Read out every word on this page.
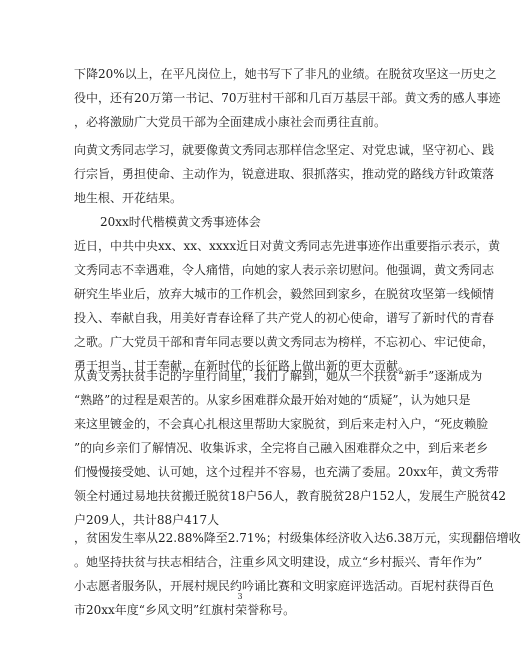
下降20%以上，在平凡岗位上，她书写下了非凡的业绩。在脱贫攻坚这一历史之
役中，还有20万第一书记、70万驻村干部和几百万基层干部。黄文秀的感人事迹
，必将激励广大党员干部为全面建成小康社会而勇往直前。
向黄文秀同志学习，就要像黄文秀同志那样信念坚定、对党忠诚，坚守初心、践
行宗旨，勇担使命、主动作为，锐意进取、狠抓落实，推动党的路线方针政策落
地生根、开花结果。
20xx时代楷模黄文秀事迹体会
近日，中共中央xx、xx、xxxx近日对黄文秀同志先进事迹作出重要指示表示，黄
文秀同志不幸遇难，令人痛惜，向她的家人表示亲切慰问。他强调，黄文秀同志
研究生毕业后，放弃大城市的工作机会，毅然回到家乡，在脱贫攻坚第一线倾情
投入、奉献自我，用美好青春诠释了共产党人的初心使命，谱写了新时代的青春
之歌。广大党员干部和青年同志要以黄文秀同志为榜样，不忘初心、牢记使命，
勇于担当、甘于奉献，在新时代的长征路上做出新的更大贡献。
从黄文秀扶贫手记的字里行间里，我们了解到，她从一个扶贫“新手”逐渐成为
“熟路”的过程是艰苦的。从家乡困难群众最开始对她的“质疑”，认为她只是
来这里镀金的，不会真心扎根这里帮助大家脱贫，到后来走村入户，“死皮赖脸
”的向乡亲们了解情况、收集诉求，全完将自己融入困难群众之中，到后来老乡
们慢慢接受她、认可她，这个过程并不容易，也充满了委屈。20xx年，黄文秀带
领全村通过易地扶贫搬迁脱贫18户56人，教育脱贫28户152人，发展生产脱贫42
户209人，共计88户417人
，贫困发生率从22.88%降至2.71%；村级集体经济收入达6.38万元，实现翻倍增收
。她坚持扶贫与扶志相结合，注重乡风文明建设，成立“乡村振兴、青年作为”
小志愿者服务队，开展村规民约吟诵比赛和文明家庭评选活动。百坭村获得百色
市20xx年度“乡风文明”红旗村荣誉称号。
3
